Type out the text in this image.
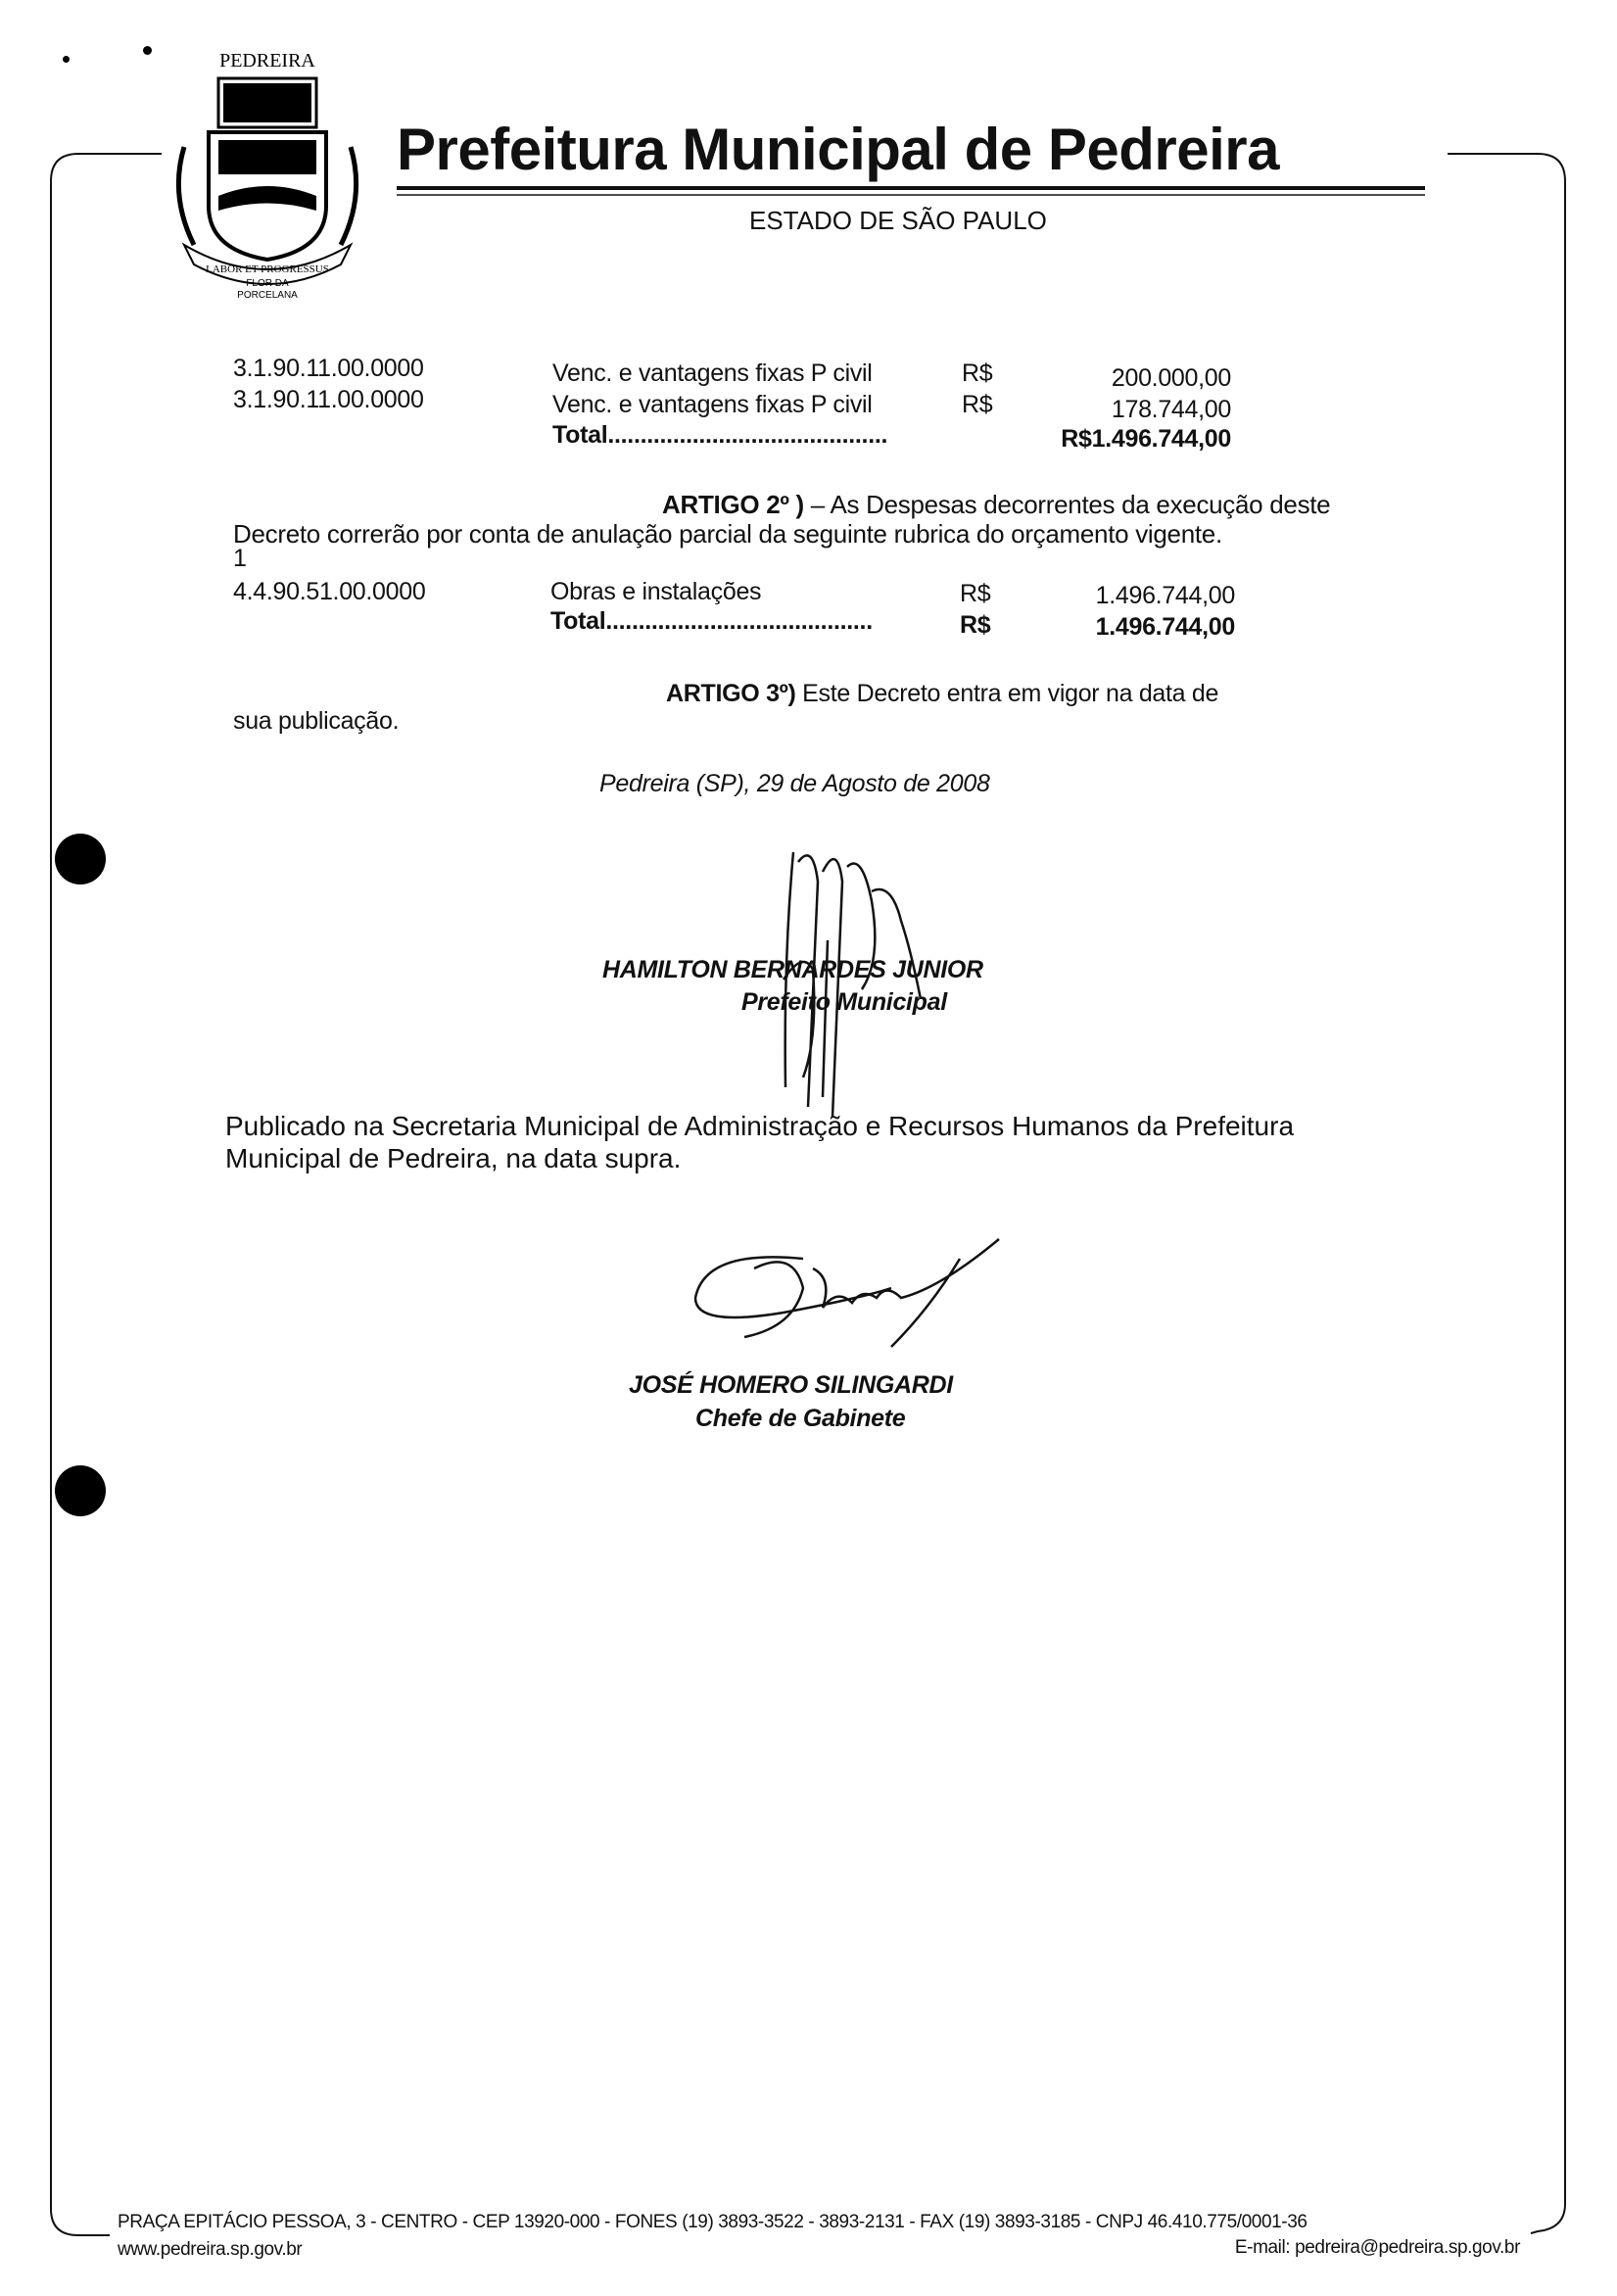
PEDREIRA
LABOR ET PROGRESSUS
FLOR DA
PORCELANA
Prefeitura Municipal de Pedreira
ESTADO DE SÃO PAULO
3.1.90.11.00.0000	Venc. e vantagens fixas P civil	R$	200.000,00
3.1.90.11.00.0000	Venc. e vantagens fixas P civil	R$	178.744,00
Total...........................................	R$1.496.744,00
ARTIGO 2º ) – As Despesas decorrentes da execução deste
Decreto correrão por conta de anulação parcial da seguinte rubrica do orçamento vigente.
1
4.4.90.51.00.0000	Obras e instalações	R$	1.496.744,00
Total.........................................	R$	1.496.744,00
ARTIGO 3º) Este Decreto entra em vigor na data de
sua publicação.
Pedreira (SP), 29 de Agosto de 2008
HAMILTON BERNARDES JUNIOR
Prefeito Municipal
Publicado na Secretaria Municipal de Administração e Recursos Humanos da Prefeitura
Municipal de Pedreira, na data supra.
JOSÉ HOMERO SILINGARDI
Chefe de Gabinete
PRAÇA EPITÁCIO PESSOA, 3 - CENTRO - CEP 13920-000 - FONES (19) 3893-3522 - 3893-2131 - FAX (19) 3893-3185 - CNPJ 46.410.775/0001-36
www.pedreira.sp.gov.br	E-mail: pedreira@pedreira.sp.gov.br
